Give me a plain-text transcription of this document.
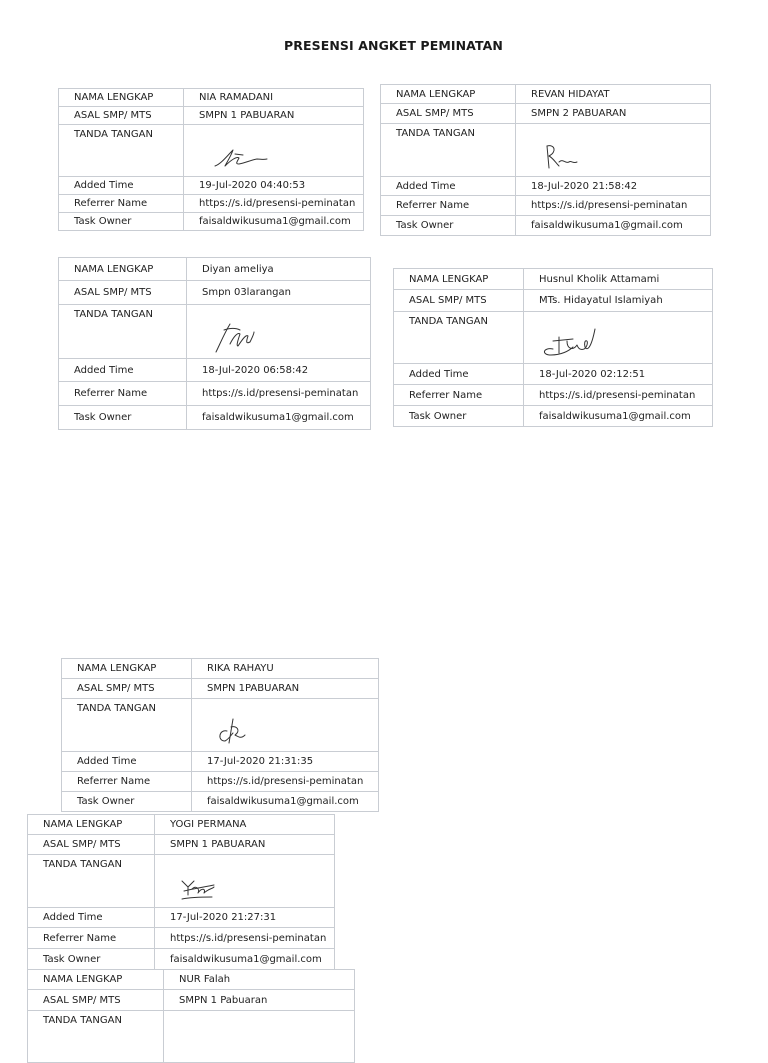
PRESENSI ANGKET PEMINATAN
NAMA LENGKAP	NIA RAMADANI
ASAL SMP/ MTS	SMPN 1 PABUARAN
TANDA TANGAN	

Added Time	19-Jul-2020 04:40:53
Referrer Name	https://s.id/presensi-peminatan
Task Owner	faisaldwikusuma1@gmail.com
NAMA LENGKAP	REVAN HIDAYAT
ASAL SMP/ MTS	SMPN 2 PABUARAN
TANDA TANGAN	

Added Time	18-Jul-2020 21:58:42
Referrer Name	https://s.id/presensi-peminatan
Task Owner	faisaldwikusuma1@gmail.com
NAMA LENGKAP	Diyan ameliya
ASAL SMP/ MTS	Smpn 03larangan
TANDA TANGAN	

Added Time	18-Jul-2020 06:58:42
Referrer Name	https://s.id/presensi-peminatan
Task Owner	faisaldwikusuma1@gmail.com
NAMA LENGKAP	Husnul Kholik Attamami
ASAL SMP/ MTS	MTs. Hidayatul Islamiyah
TANDA TANGAN	

Added Time	18-Jul-2020 02:12:51
Referrer Name	https://s.id/presensi-peminatan
Task Owner	faisaldwikusuma1@gmail.com
NAMA LENGKAP	RIKA RAHAYU
ASAL SMP/ MTS	SMPN 1PABUARAN
TANDA TANGAN	

Added Time	17-Jul-2020 21:31:35
Referrer Name	https://s.id/presensi-peminatan
Task Owner	faisaldwikusuma1@gmail.com
NAMA LENGKAP	YOGI PERMANA
ASAL SMP/ MTS	SMPN 1 PABUARAN
TANDA TANGAN	

Added Time	17-Jul-2020 21:27:31
Referrer Name	https://s.id/presensi-peminatan
Task Owner	faisaldwikusuma1@gmail.com
NAMA LENGKAP	NUR Falah
ASAL SMP/ MTS	SMPN 1 Pabuaran
TANDA TANGAN	
